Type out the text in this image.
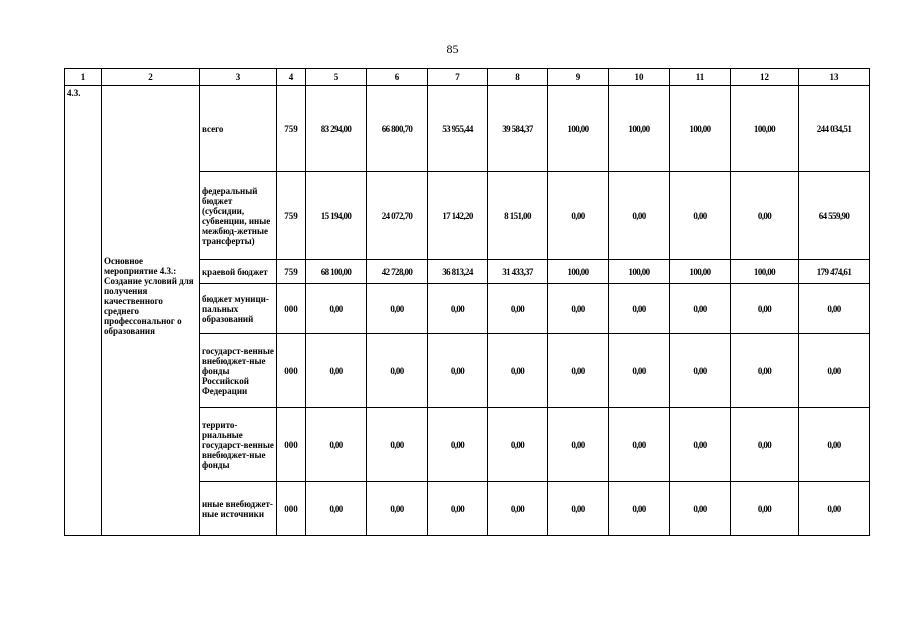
85
1	2	3	4	5	6	7	8	9	10	11	12	13
4.3.	Основное мероприятие 4.3.: Создание условий для получения качественного среднего профессональног о образования	всего	759	83 294,00	66 800,70	53 955,44	39 584,37	100,00	100,00	100,00	100,00	244 034,51
		федеральный бюджет (субсидии, субвенции, иные межбюд-жетные трансферты)	759	15 194,00	24 072,70	17 142,20	8 151,00	0,00	0,00	0,00	0,00	64 559,90
		краевой бюджет	759	68 100,00	42 728,00	36 813,24	31 433,37	100,00	100,00	100,00	100,00	179 474,61
		бюджет муници-пальных образований	000	0,00	0,00	0,00	0,00	0,00	0,00	0,00	0,00	0,00
		государст-венные внебюджет-ные фонды Российской Федерации	000	0,00	0,00	0,00	0,00	0,00	0,00	0,00	0,00	0,00
		террито-риальные государст-венные внебюджет-ные фонды	000	0,00	0,00	0,00	0,00	0,00	0,00	0,00	0,00	0,00
		иные внебюджет-ные источники	000	0,00	0,00	0,00	0,00	0,00	0,00	0,00	0,00	0,00
